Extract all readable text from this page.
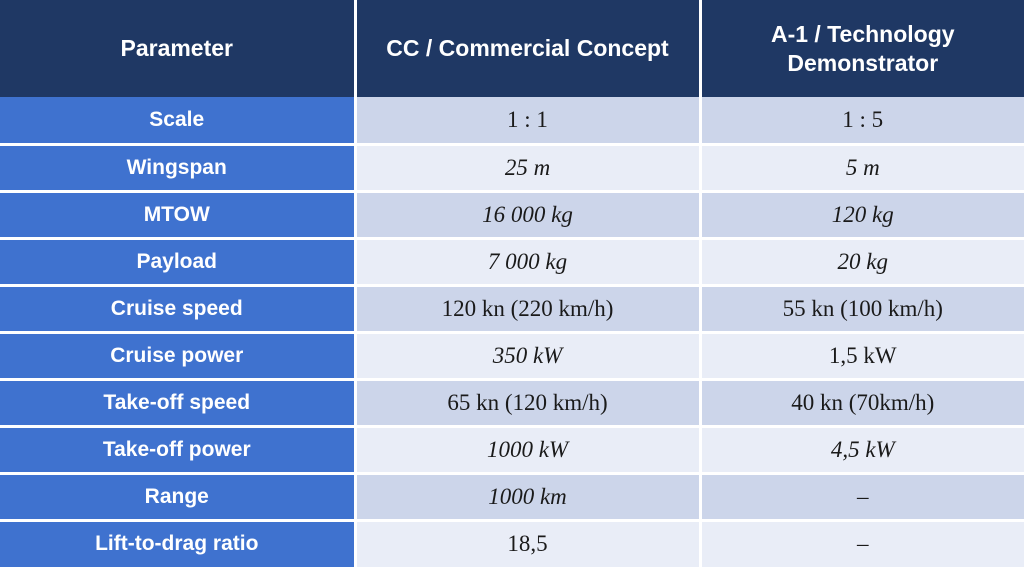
Parameter	CC / Commercial Concept	A-1 / Technology Demonstrator
Scale	1 : 1	1 : 5
Wingspan	25 m	5 m
MTOW	16 000 kg	120 kg
Payload	7 000 kg	20 kg
Cruise speed	120 kn (220 km/h)	55 kn (100 km/h)
Cruise power	350 kW	1,5 kW
Take-off speed	65 kn (120 km/h)	40 kn (70km/h)
Take-off power	1000 kW	4,5 kW
Range	1000 km	–
Lift-to-drag ratio	18,5	–
